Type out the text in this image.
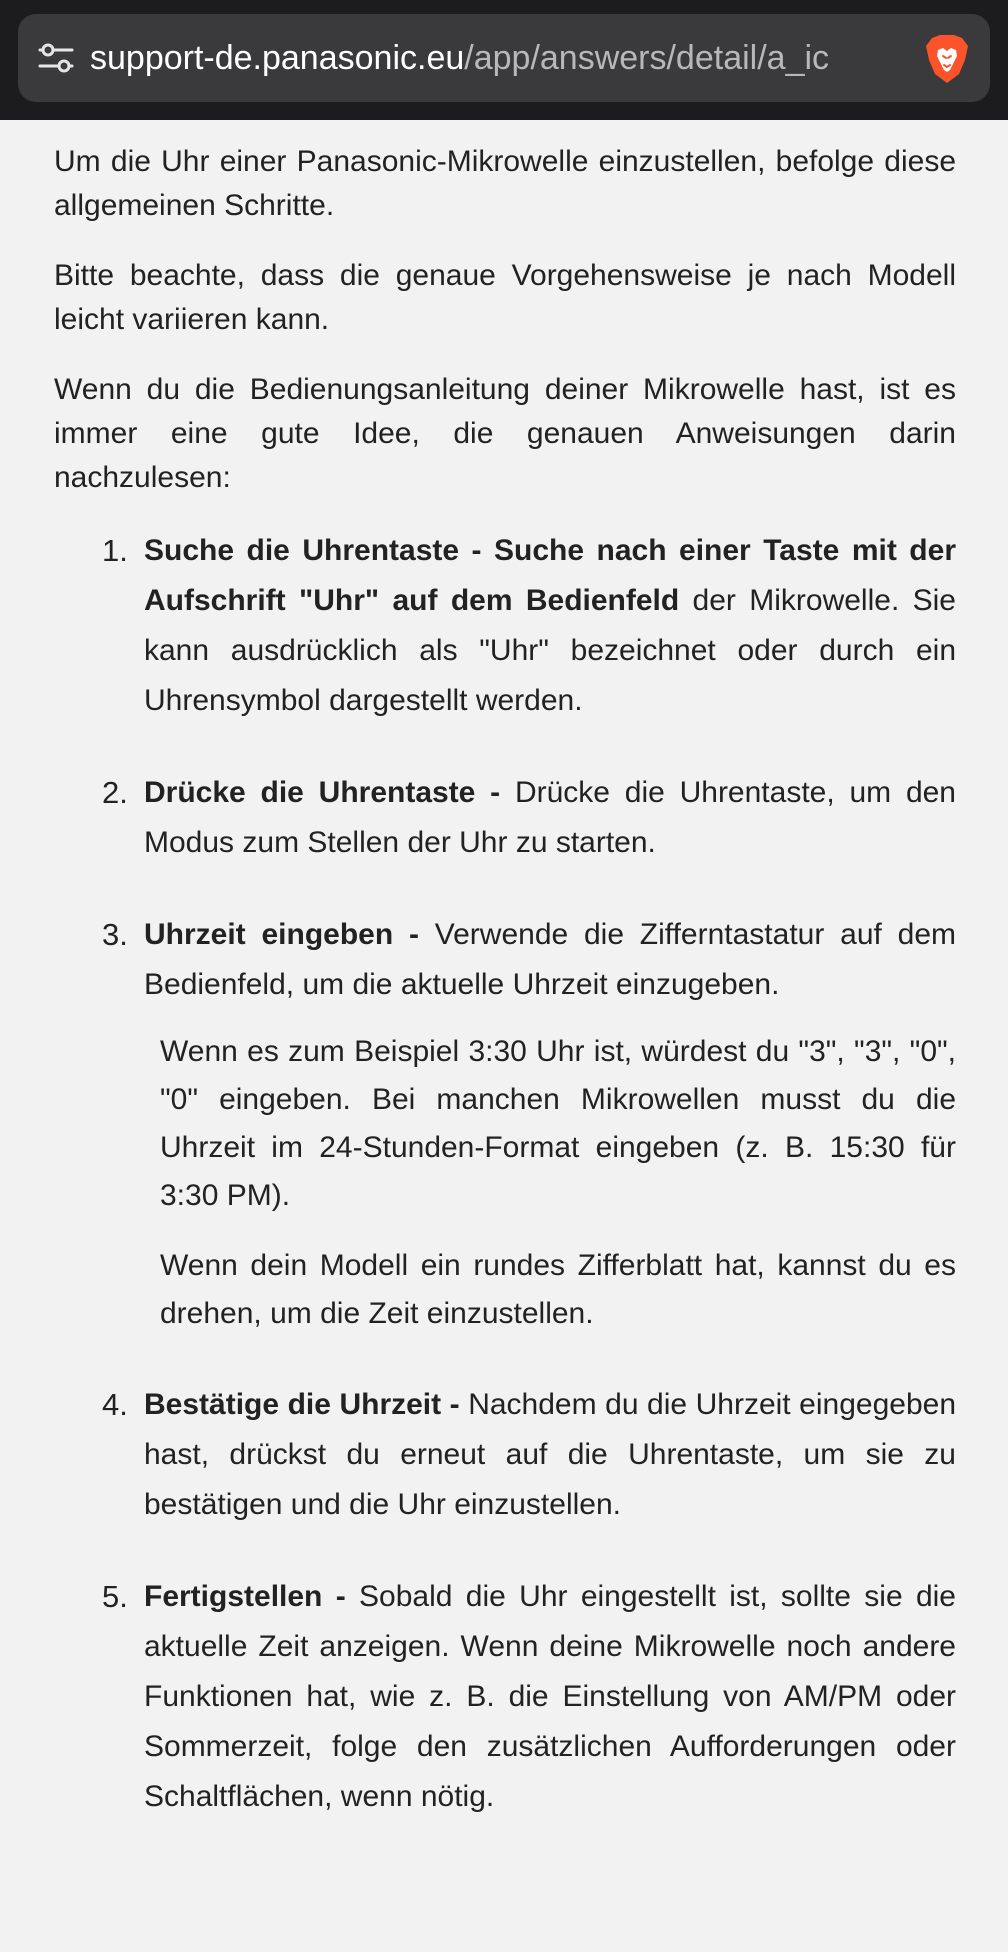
support-de.panasonic.eu/app/answers/detail/a_ic

Um die Uhr einer Panasonic-Mikrowelle einzustellen, befolge diese allgemeinen Schritte.

Bitte beachte, dass die genaue Vorgehensweise je nach Modell leicht variieren kann.

Wenn du die Bedienungsanleitung deiner Mikrowelle hast, ist es immer eine gute Idee, die genauen Anweisungen darin nachzulesen:

1. Suche die Uhrentaste - Suche nach einer Taste mit der Aufschrift "Uhr" auf dem Bedienfeld der Mikrowelle. Sie kann ausdrücklich als "Uhr" bezeichnet oder durch ein Uhrensymbol dargestellt werden.
2. Drücke die Uhrentaste - Drücke die Uhrentaste, um den Modus zum Stellen der Uhr zu starten.
3. Uhrzeit eingeben - Verwende die Zifferntastatur auf dem Bedienfeld, um die aktuelle Uhrzeit einzugeben.
Wenn es zum Beispiel 3:30 Uhr ist, würdest du "3", "3", "0", "0" eingeben. Bei manchen Mikrowellen musst du die Uhrzeit im 24-Stunden-Format eingeben (z. B. 15:30 für 3:30 PM).
Wenn dein Modell ein rundes Zifferblatt hat, kannst du es drehen, um die Zeit einzustellen.
4. Bestätige die Uhrzeit - Nachdem du die Uhrzeit eingegeben hast, drückst du erneut auf die Uhrentaste, um sie zu bestätigen und die Uhr einzustellen.
5. Fertigstellen - Sobald die Uhr eingestellt ist, sollte sie die aktuelle Zeit anzeigen. Wenn deine Mikrowelle noch andere Funktionen hat, wie z. B. die Einstellung von AM/PM oder Sommerzeit, folge den zusätzlichen Aufforderungen oder Schaltflächen, wenn nötig.
